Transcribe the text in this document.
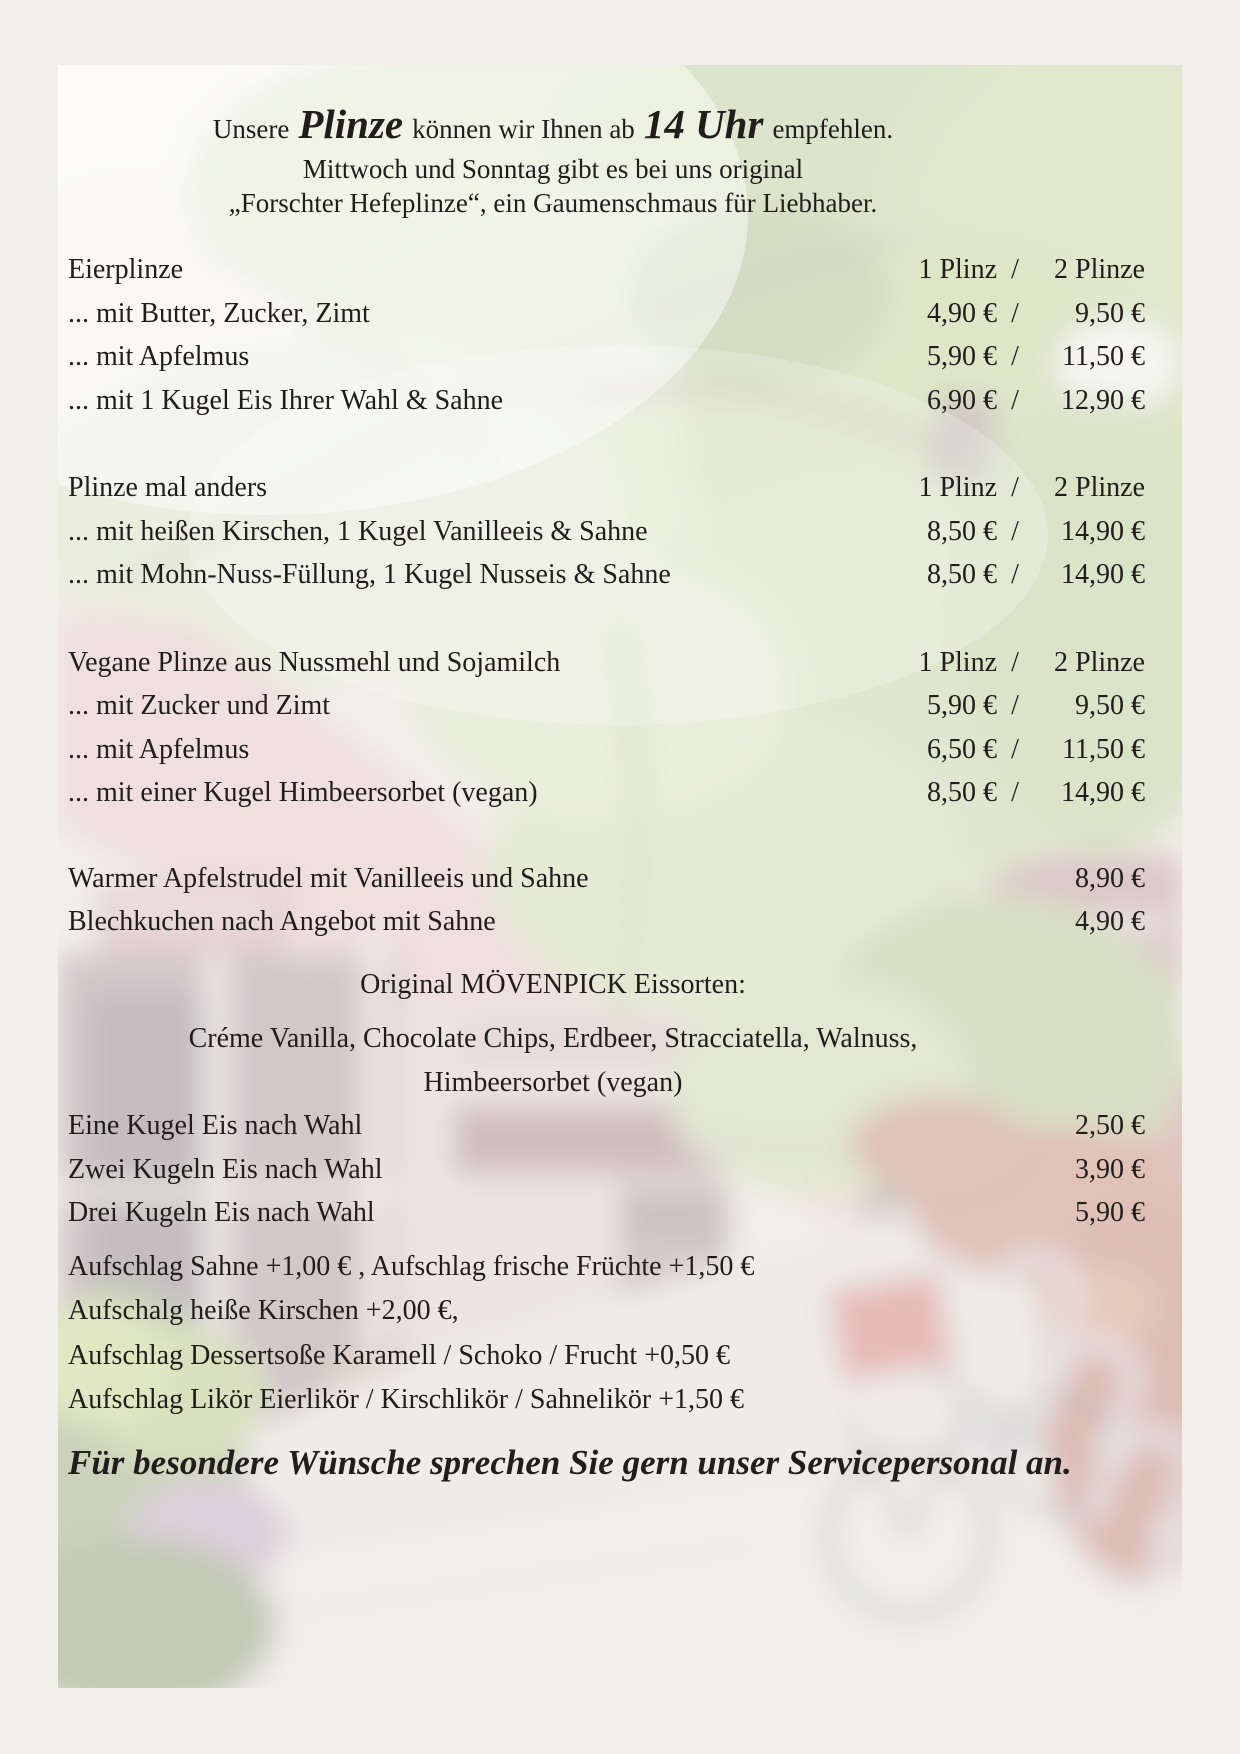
Unsere Plinze können wir Ihnen ab 14 Uhr empfehlen.
Mittwoch und Sonntag gibt es bei uns original
„Forschter Hefeplinze“, ein Gaumenschmaus für Liebhaber.
Eierplinze	1 Plinz /	2 Plinze
... mit Butter, Zucker, Zimt	4,90 € /	9,50 €
... mit Apfelmus	5,90 € /	11,50 €
... mit 1 Kugel Eis Ihrer Wahl & Sahne	6,90 € /	12,90 €
Plinze mal anders	1 Plinz /	2 Plinze
... mit heißen Kirschen, 1 Kugel Vanilleeis & Sahne	8,50 € /	14,90 €
... mit Mohn-Nuss-Füllung, 1 Kugel Nusseis & Sahne	8,50 € /	14,90 €
Vegane Plinze aus Nussmehl und Sojamilch	1 Plinz /	2 Plinze
... mit Zucker und Zimt	5,90 € /	9,50 €
... mit Apfelmus	6,50 € /	11,50 €
... mit einer Kugel Himbeersorbet (vegan)	8,50 € /	14,90 €
Warmer Apfelstrudel mit Vanilleeis und Sahne	8,90 €
Blechkuchen nach Angebot mit Sahne	4,90 €
Original MÖVENPICK Eissorten:
Créme Vanilla, Chocolate Chips, Erdbeer, Stracciatella, Walnuss,
Himbeersorbet (vegan)
Eine Kugel Eis nach Wahl	2,50 €
Zwei Kugeln Eis nach Wahl	3,90 €
Drei Kugeln Eis nach Wahl	5,90 €
Aufschlag Sahne +1,00 € , Aufschlag frische Früchte +1,50 €
Aufschalg heiße Kirschen +2,00 €,
Aufschlag Dessertsoße Karamell / Schoko / Frucht +0,50 €
Aufschlag Likör Eierlikör / Kirschlikör / Sahnelikör +1,50 €
Für besondere Wünsche sprechen Sie gern unser Servicepersonal an.
